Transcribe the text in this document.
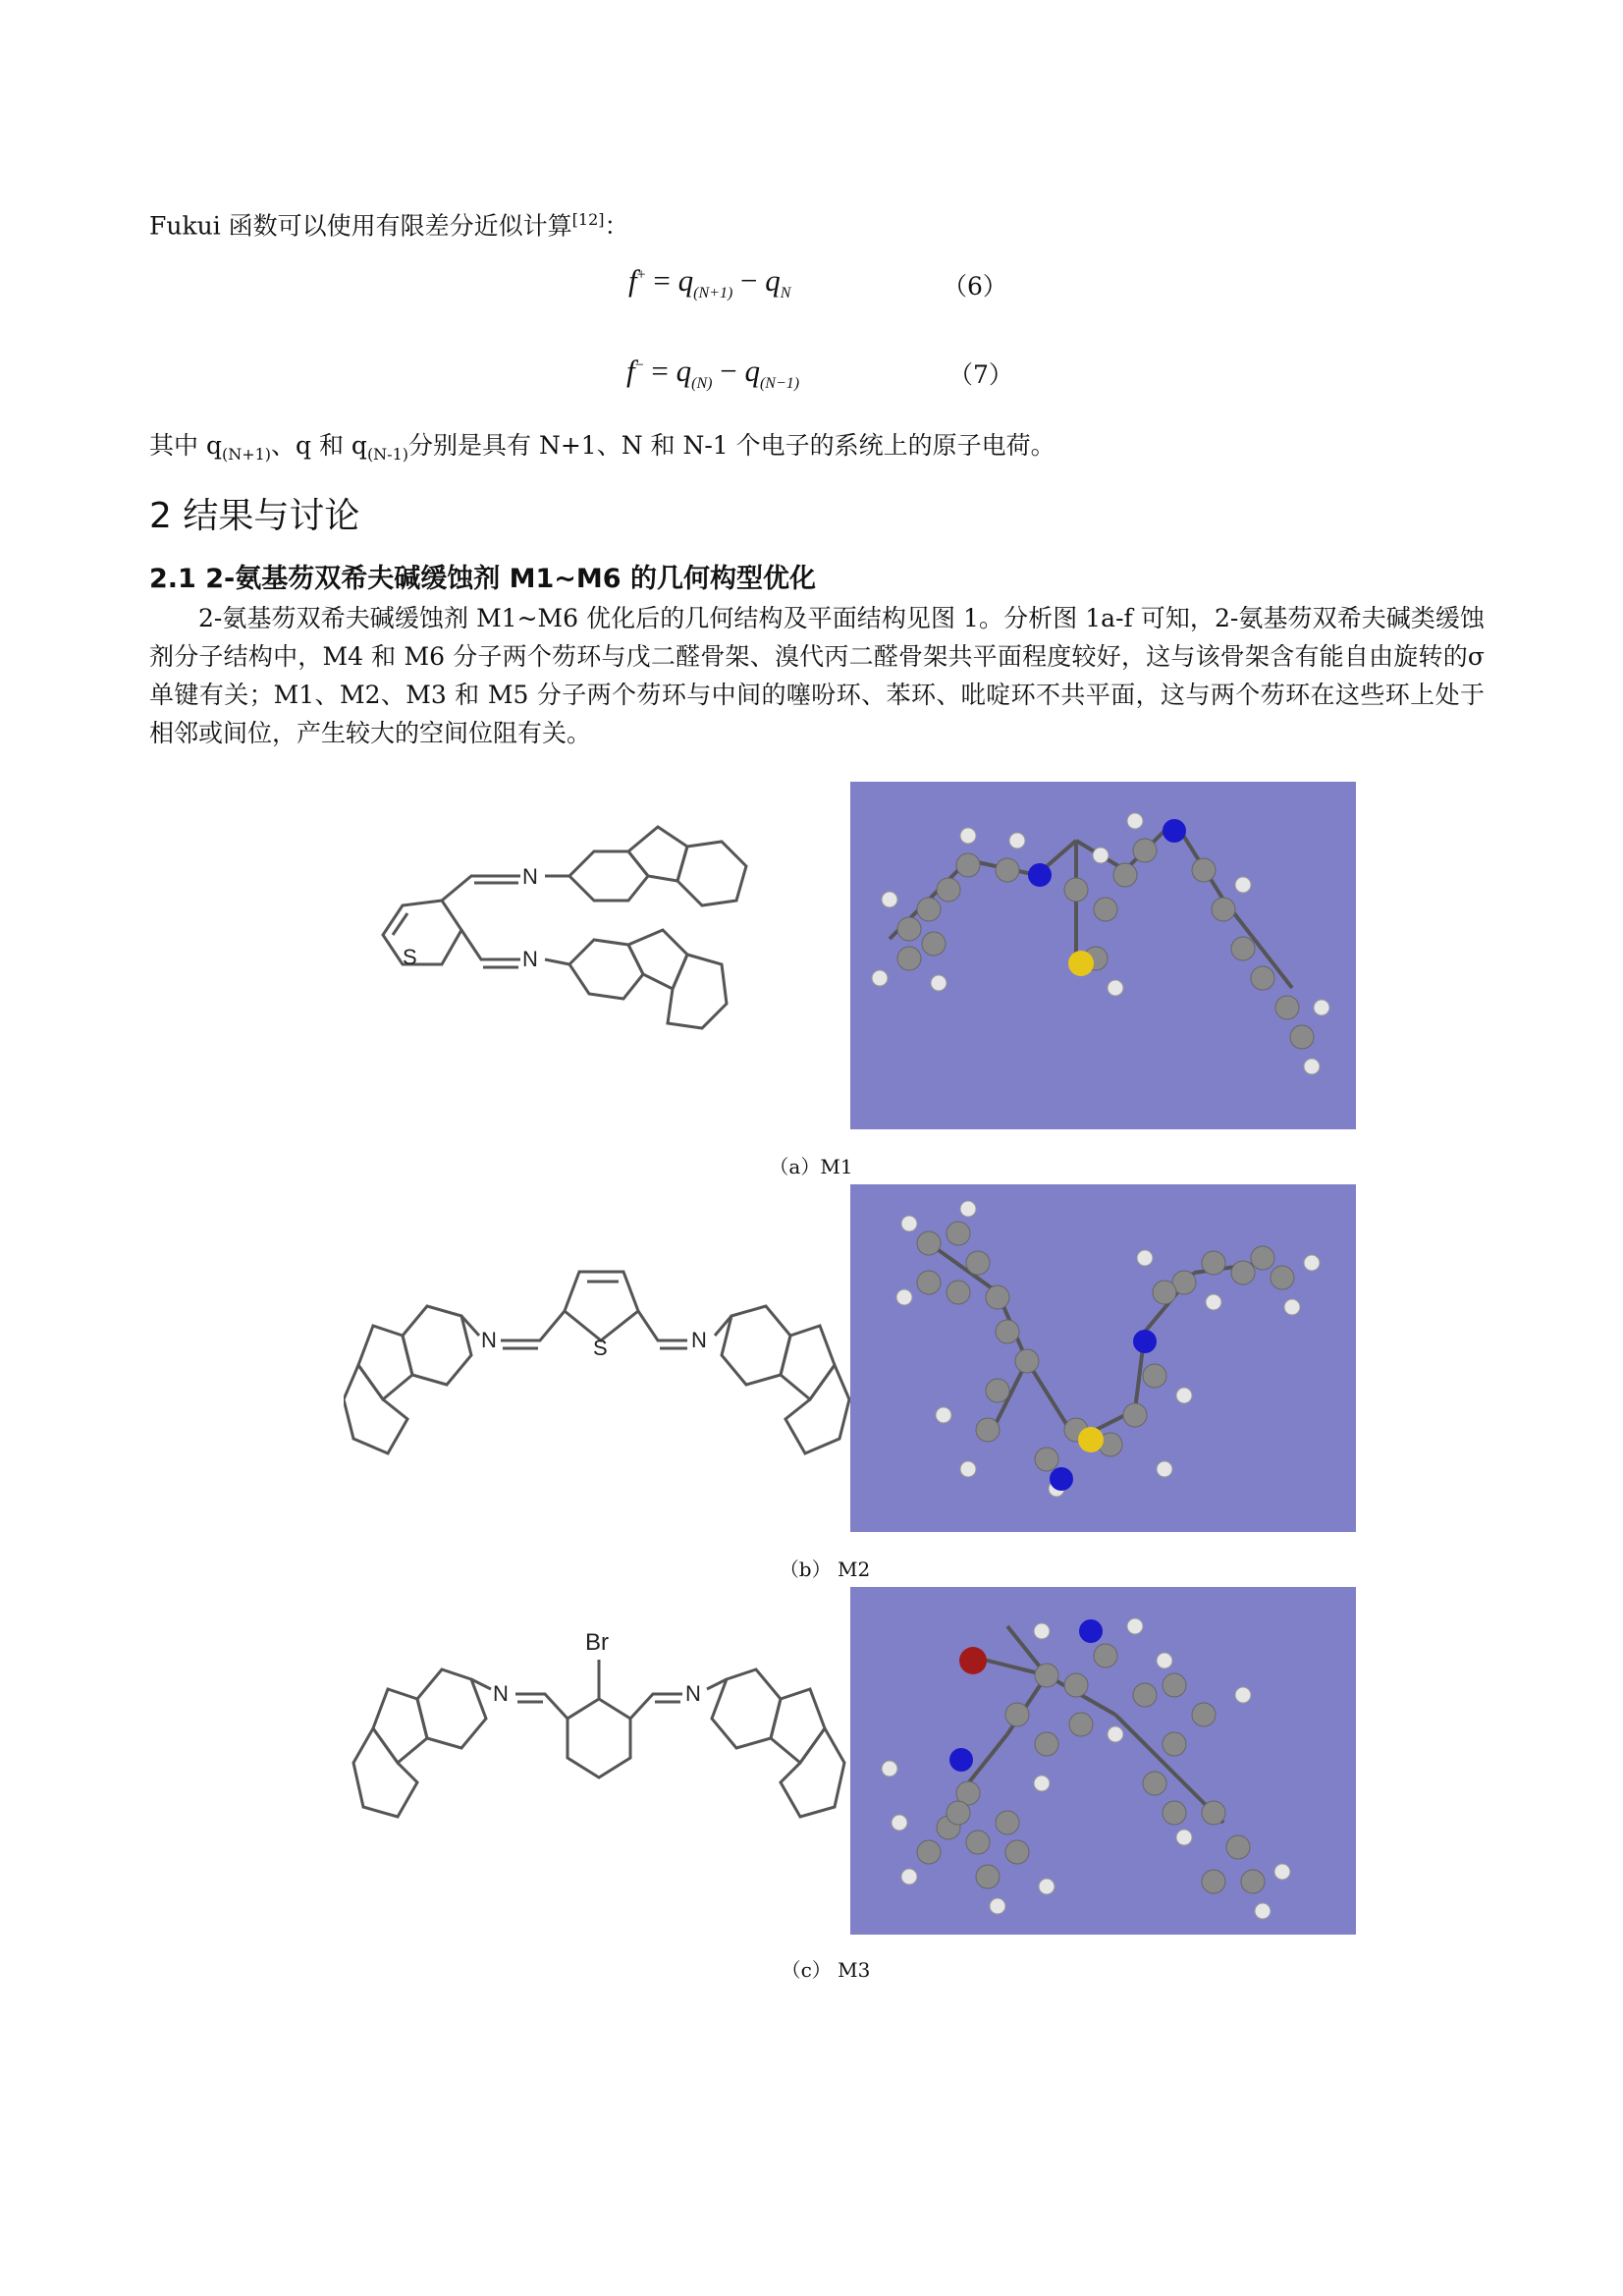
Fukui 函数可以使用有限差分近似计算[12]：
$f^+ = q_{(N+1)} - q_N$	（6）
$f^- = q_{(N)} - q_{(N-1)}$	（7）
其中 $q_{(N+1)}$、q 和 $q_{(N-1)}$分别是具有 N+1、N 和 N-1 个电子的系统上的原子电荷。
2 结果与讨论
2.1 2-氨基芴双希夫碱缓蚀剂 M1~M6 的几何构型优化
2-氨基芴双希夫碱缓蚀剂 M1~M6 优化后的几何结构及平面结构见图 1。分析图 1a-f 可知，2-氨基芴双希夫碱类缓蚀剂分子结构中，M4 和 M6 分子两个芴环与戊二醛骨架、溴代丙二醛骨架共平面程度较好，这与该骨架含有能自由旋转的σ单键有关；M1、M2、M3 和 M5 分子两个芴环与中间的噻吩环、苯环、吡啶环不共平面，这与两个芴环在这些环上处于相邻或间位，产生较大的空间位阻有关。
S
N
N
（a）M1
S
N	N
（b） M2
Br
N	N
（c） M3
